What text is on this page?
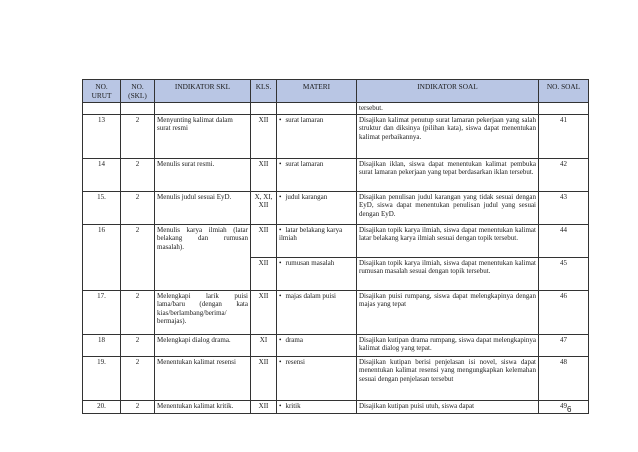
NO. URUT	NO. (SKL)	INDIKATOR SKL	KLS.	MATERI	INDIKATOR SOAL	NO. SOAL
					tersebut.	
13	2	Menyunting kalimat dalam surat resmi	XII	• surat lamaran	Disajikan kalimat penutup surat lamaran pekerjaan yang salah struktur dan diksinya (pilihan kata), siswa dapat menentukan kalimat perbaikannya.	41
14	2	Menulis surat resmi.	XII	• surat lamaran	Disajikan iklan, siswa dapat menentukan kalimat pembuka surat lamaran pekerjaan yang tepat berdasarkan iklan tersebut.	42
15.	2	Menulis judul sesuai EyD.	X, XI, XII	• judul karangan	Disajikan penulisan judul karangan yang tidak sesuai dengan EyD, siswa dapat menentukan penulisan judul yang sesuai dengan EyD.	43
16	2	Menulis karya ilmiah (latar belakang dan rumusan masalah).	XII	• latar belakang karya ilmiah	Disajikan topik karya ilmiah, siswa dapat menentukan kalimat latar belakang karya ilmiah sesuai dengan topik tersebut.	44
			XII	• rumusan masalah	Disajikan topik karya ilmiah, siswa dapat menentukan kalimat rumusan masalah sesuai dengan topik tersebut.	45
17.	2	Melengkapi larik puisi lama/baru (dengan kata kias/berlambang/berima/ bermajas).	XII	• majas dalam puisi	Disajikan puisi rumpang, siswa dapat melengkapinya dengan majas yang tepat	46
18	2	Melengkapi dialog drama.	XI	• drama	Disajikan kutipan drama rumpang, siswa dapat melengkapinya kalimat dialog yang tepat.	47
19.	2	Menentukan kalimat resensi	XII	• resensi	Disajikan kutipan berisi penjelasan isi novel, siswa dapat menentukan kalimat resensi yang mengungkapkan kelemahan sesuai dengan penjelasan tersebut	48
20.	2	Menentukan kalimat kritik.	XII	• kritik	Disajikan kutipan puisi utuh, siswa dapat	49 6
